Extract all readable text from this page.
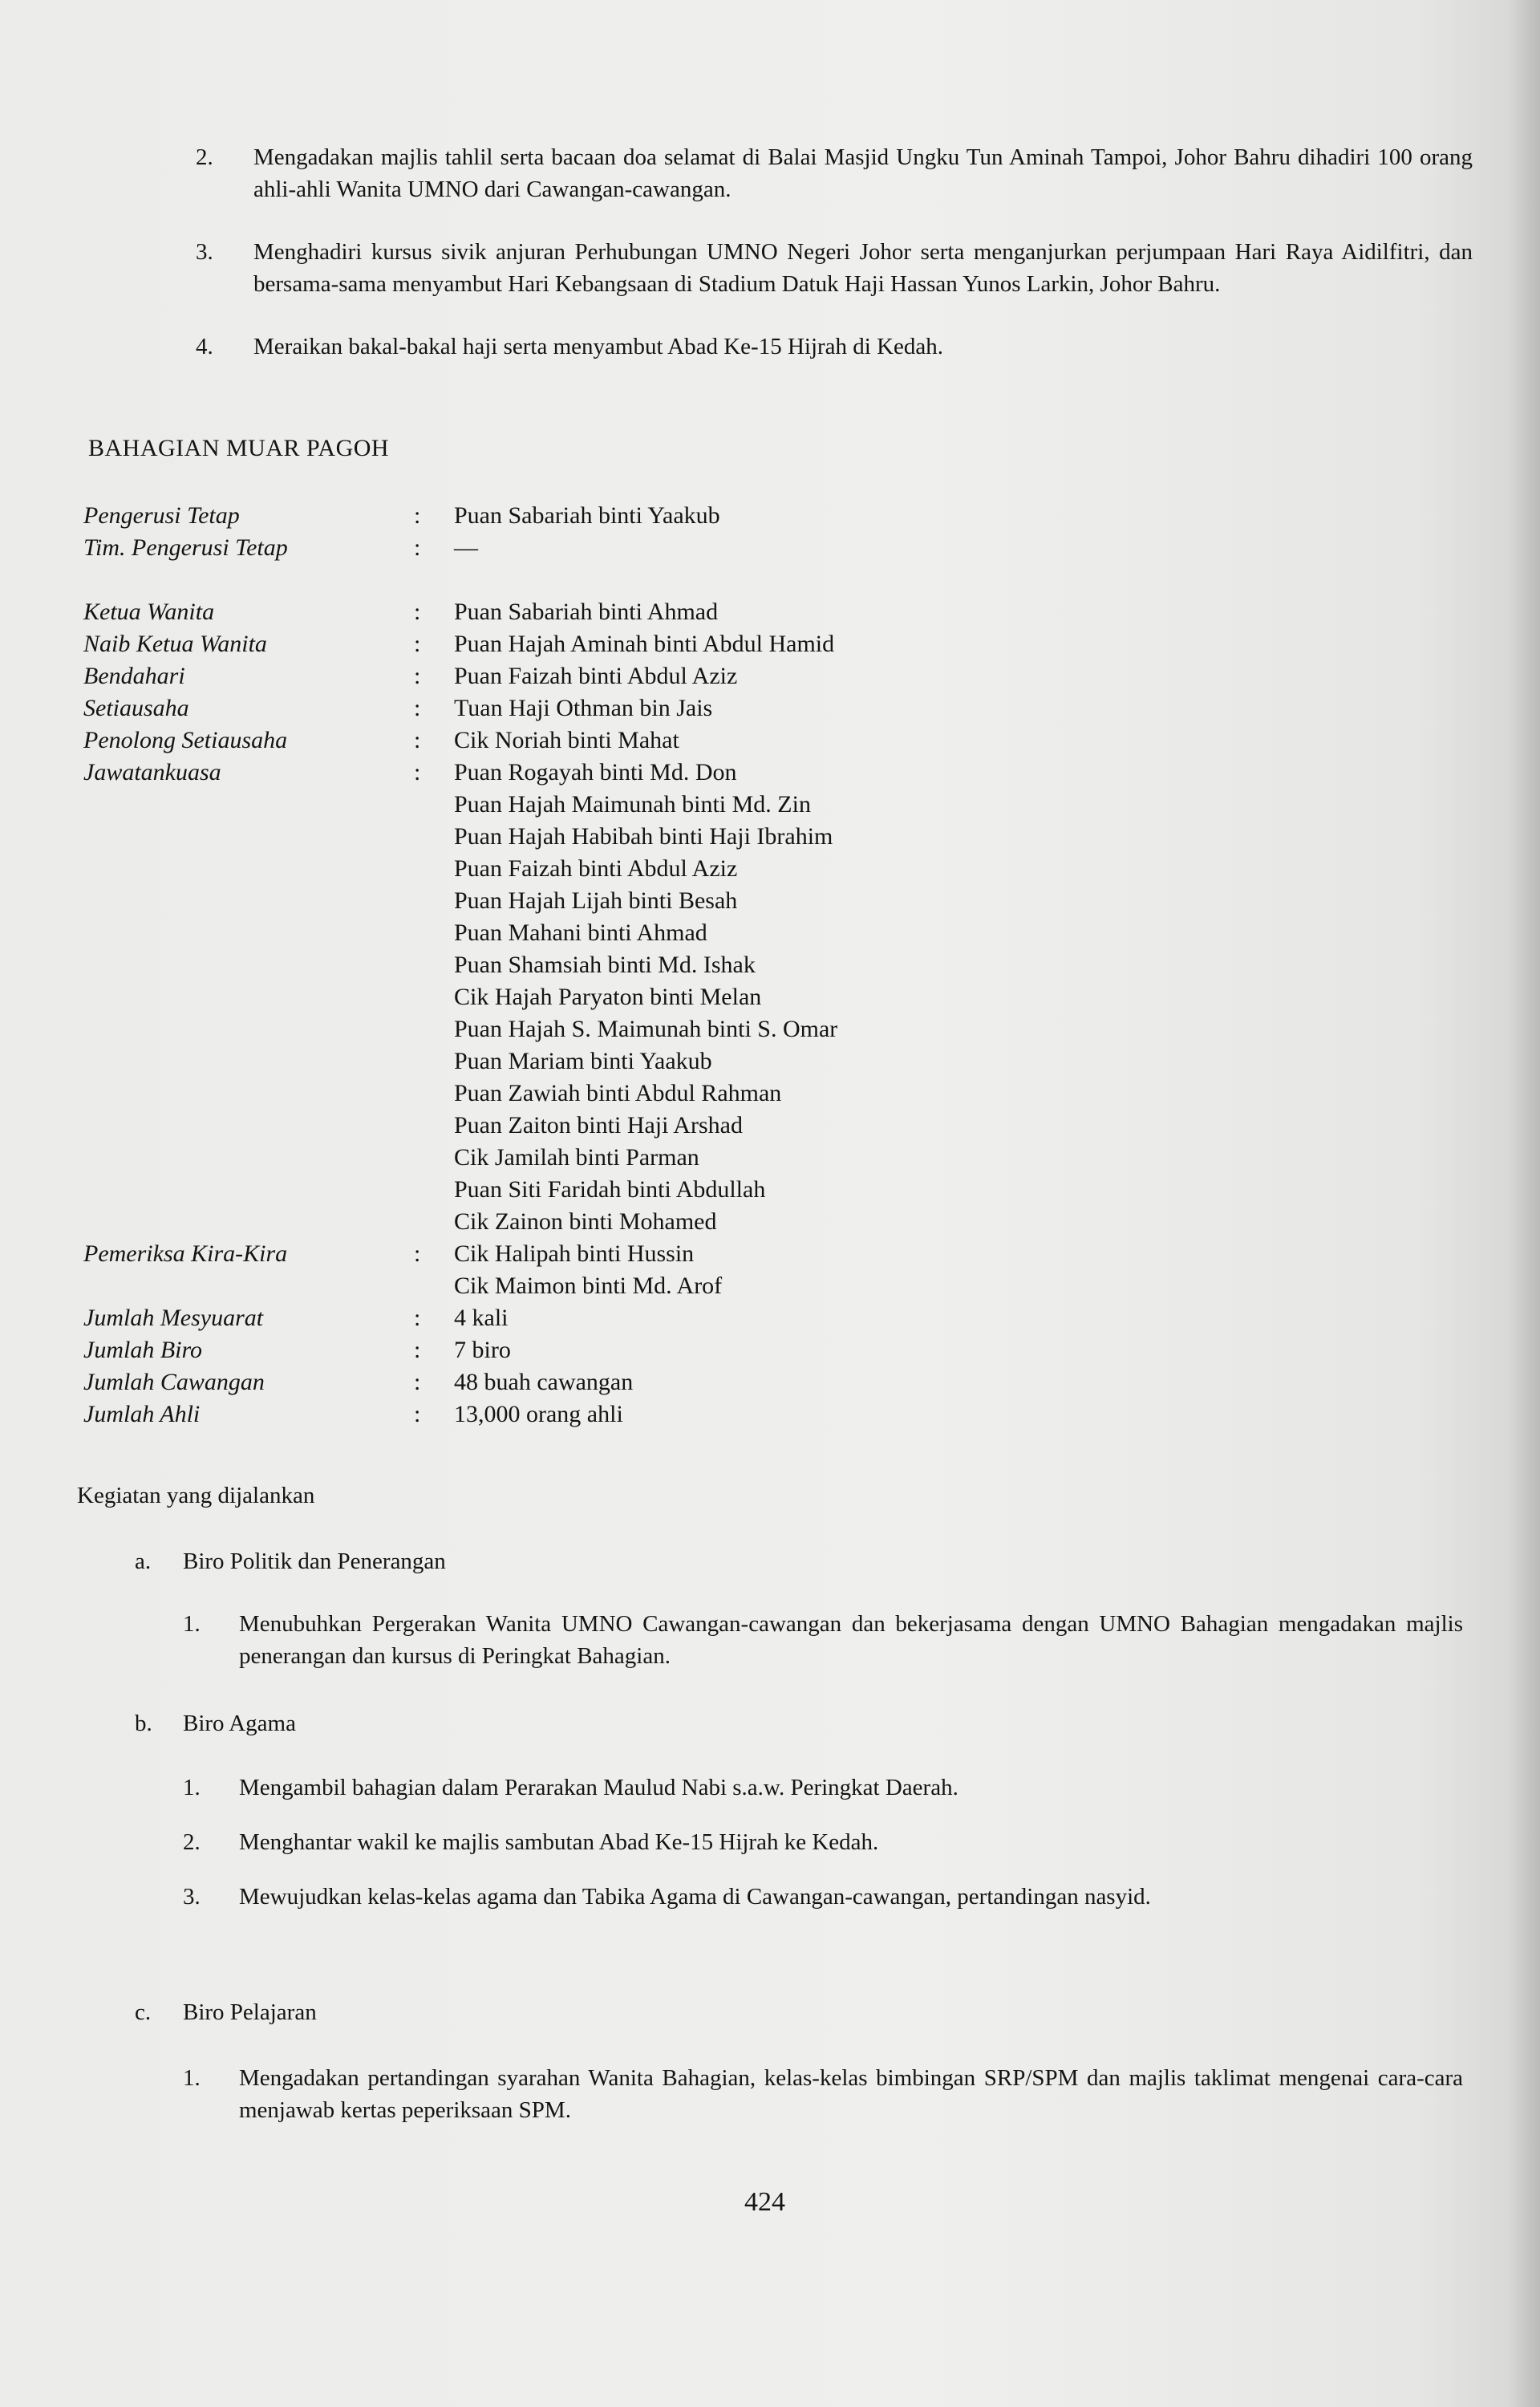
2.	Mengadakan majlis tahlil serta bacaan doa selamat di Balai Masjid Ungku Tun Aminah Tampoi, Johor Bahru dihadiri 100 orang ahli-ahli Wanita UMNO dari Cawangan-cawangan.
3.	Menghadiri kursus sivik anjuran Perhubungan UMNO Negeri Johor serta menganjurkan perjumpaan Hari Raya Aidilfitri, dan bersama-sama menyambut Hari Kebangsaan di Stadium Datuk Haji Hassan Yunos Larkin, Johor Bahru.
4.	Meraikan bakal-bakal haji serta menyambut Abad Ke-15 Hijrah di Kedah.
BAHAGIAN MUAR PAGOH
Pengerusi Tetap	:	Puan Sabariah binti Yaakub
Tim. Pengerusi Tetap	:	—

Ketua Wanita	:	Puan Sabariah binti Ahmad
Naib Ketua Wanita	:	Puan Hajah Aminah binti Abdul Hamid
Bendahari	:	Puan Faizah binti Abdul Aziz
Setiausaha	:	Tuan Haji Othman bin Jais
Penolong Setiausaha	:	Cik Noriah binti Mahat
Jawatankuasa	:	Puan Rogayah binti Md. Don
		Puan Hajah Maimunah binti Md. Zin
		Puan Hajah Habibah binti Haji Ibrahim
		Puan Faizah binti Abdul Aziz
		Puan Hajah Lijah binti Besah
		Puan Mahani binti Ahmad
		Puan Shamsiah binti Md. Ishak
		Cik Hajah Paryaton binti Melan
		Puan Hajah S. Maimunah binti S. Omar
		Puan Mariam binti Yaakub
		Puan Zawiah binti Abdul Rahman
		Puan Zaiton binti Haji Arshad
		Cik Jamilah binti Parman
		Puan Siti Faridah binti Abdullah
		Cik Zainon binti Mohamed
Pemeriksa Kira-Kira	:	Cik Halipah binti Hussin
		Cik Maimon binti Md. Arof
Jumlah Mesyuarat	:	4 kali
Jumlah Biro	:	7 biro
Jumlah Cawangan	:	48 buah cawangan
Jumlah Ahli	:	13,000 orang ahli
Kegiatan yang dijalankan
a.	Biro Politik dan Penerangan
1.	Menubuhkan Pergerakan Wanita UMNO Cawangan-cawangan dan bekerjasama dengan UMNO Bahagian mengadakan majlis penerangan dan kursus di Peringkat Bahagian.
b.	Biro Agama
1.	Mengambil bahagian dalam Perarakan Maulud Nabi s.a.w. Peringkat Daerah.
2.	Menghantar wakil ke majlis sambutan Abad Ke-15 Hijrah ke Kedah.
3.	Mewujudkan kelas-kelas agama dan Tabika Agama di Cawangan-cawangan, pertandingan nasyid.
c.	Biro Pelajaran
1.	Mengadakan pertandingan syarahan Wanita Bahagian, kelas-kelas bimbingan SRP/SPM dan majlis taklimat mengenai cara-cara menjawab kertas peperiksaan SPM.
424
